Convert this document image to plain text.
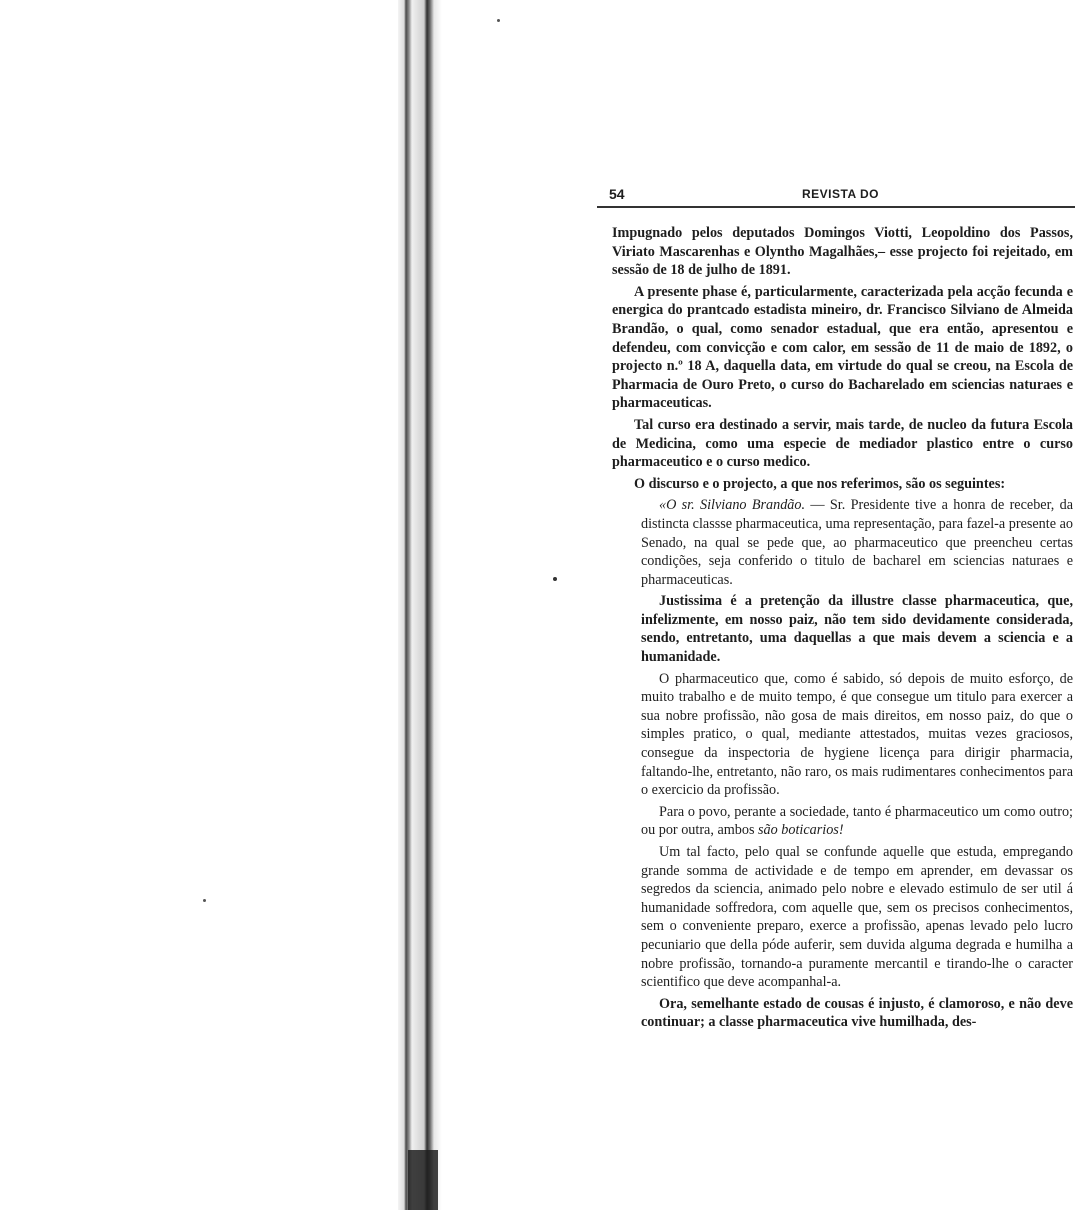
54	REVISTA DO

Impugnado pelos deputados Domingos Viotti, Leopoldino dos Passos, Viriato Mascarenhas e Olyntho Magalhães,– esse projecto foi rejeitado, em sessão de 18 de julho de 1891.

A presente phase é, particularmente, caracterizada pela acção fecunda e energica do prantcado estadista mineiro, dr. Francisco Silviano de Almeida Brandão, o qual, como senador estadual, que era então, apresentou e defendeu, com convicção e com calor, em sessão de 11 de maio de 1892, o projecto n.º 18 A, daquella data, em virtude do qual se creou, na Escola de Pharmacia de Ouro Preto, o curso do Bacharelado em sciencias naturaes e pharmaceuticas.

Tal curso era destinado a servir, mais tarde, de nucleo da futura Escola de Medicina, como uma especie de mediador plastico entre o curso pharmaceutico e o curso medico.

O discurso e o projecto, a que nos referimos, são os seguintes:

«O sr. Silviano Brandão. — Sr. Presidente tive a honra de receber, da distincta classse pharmaceutica, uma representação, para fazel-a presente ao Senado, na qual se pede que, ao pharmaceutico que preencheu certas condições, seja conferido o titulo de bacharel em sciencias naturaes e pharmaceuticas.

Justissima é a pretenção da illustre classe pharmaceutica, que, infelizmente, em nosso paiz, não tem sido devidamente considerada, sendo, entretanto, uma daquellas a que mais devem a sciencia e a humanidade.

O pharmaceutico que, como é sabido, só depois de muito esforço, de muito trabalho e de muito tempo, é que consegue um titulo para exercer a sua nobre profissão, não gosa de mais direitos, em nosso paiz, do que o simples pratico, o qual, mediante attestados, muitas vezes graciosos, consegue da inspectoria de hygiene licença para dirigir pharmacia, faltando-lhe, entretanto, não raro, os mais rudimentares conhecimentos para o exercicio da profissão.

Para o povo, perante a sociedade, tanto é pharmaceutico um como outro; ou por outra, ambos são boticarios!

Um tal facto, pelo qual se confunde aquelle que estuda, empregando grande somma de actividade e de tempo em aprender, em devassar os segredos da sciencia, animado pelo nobre e elevado estimulo de ser util á humanidade soffredora, com aquelle que, sem os precisos conhecimentos, sem o conveniente preparo, exerce a profissão, apenas levado pelo lucro pecuniario que della póde auferir, sem duvida alguma degrada e humilha a nobre profissão, tornando-a puramente mercantil e tirando-lhe o caracter scientifico que deve acompanhal-a.

Ora, semelhante estado de cousas é injusto, é clamoroso, e não deve continuar; a classe pharmaceutica vive humilhada, des-
